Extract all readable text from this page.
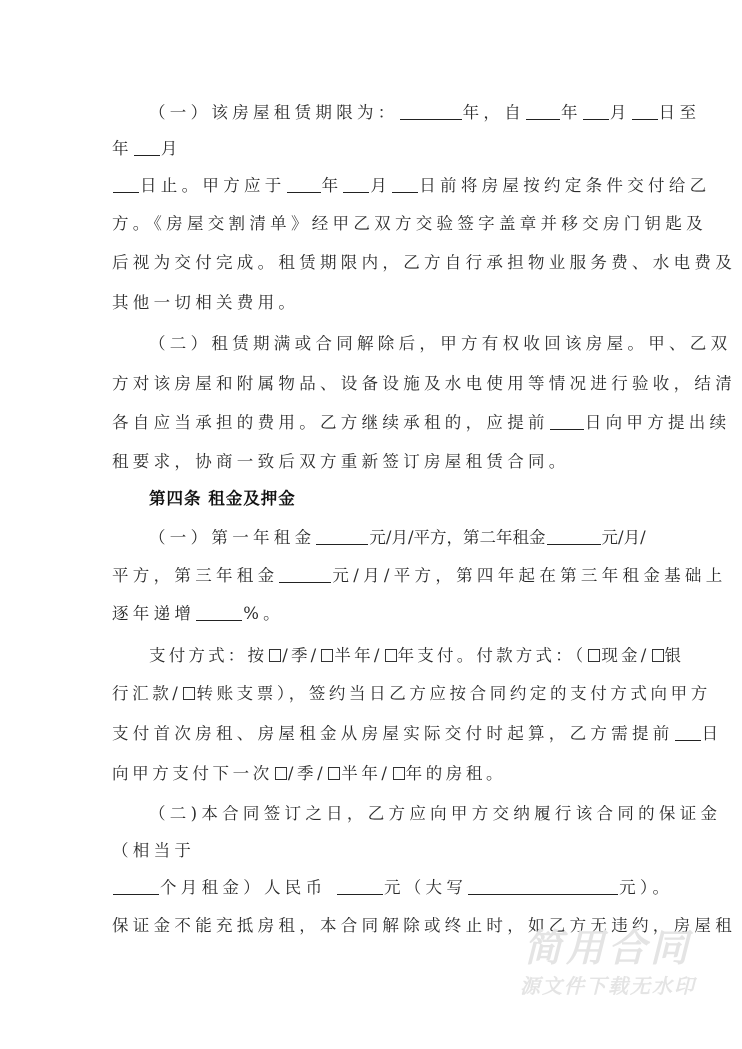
（一）该房屋租赁期限为：	年，自 年 月 日至
年 月
日止。甲方应于 年 月 日前将房屋按约定条件交付给乙
方。《房屋交割清单》经甲乙双方交验签字盖章并移交房门钥匙及
后视为交付完成。租赁期限内，乙方自行承担物业服务费、水电费及
其他一切相关费用。
（二）租赁期满或合同解除后，甲方有权收回该房屋。甲、乙双
方对该房屋和附属物品、设备设施及水电使用等情况进行验收，结清
各自应当承担的费用。乙方继续承租的，应提前 日向甲方提出续
租要求，协商一致后双方重新签订房屋租赁合同。
第四条 租金及押金
（一）第一年租金	元/月/平方，第二年租金	元/月/
平方，第三年租金	元/月/平方，第四年起在第三年租金基础上
逐年递增	%。
支付方式：按 /季/ 半年/ 年支付。付款方式：（ 现金/ 银
行汇款/ 转账支票），签约当日乙方应按合同约定的支付方式向甲方
支付首次房租、房屋租金从房屋实际交付时起算，乙方需提前 日
向甲方支付下一次 /季/ 半年/ 年的房租。
（二)本合同签订之日，乙方应向甲方交纳履行该合同的保证金
（相当于
个月租金）人民币	元（大写	元）。
保证金不能充抵房租，本合同解除或终止时，如乙方无违约，房屋租
简用合同
源文件下载无水印
